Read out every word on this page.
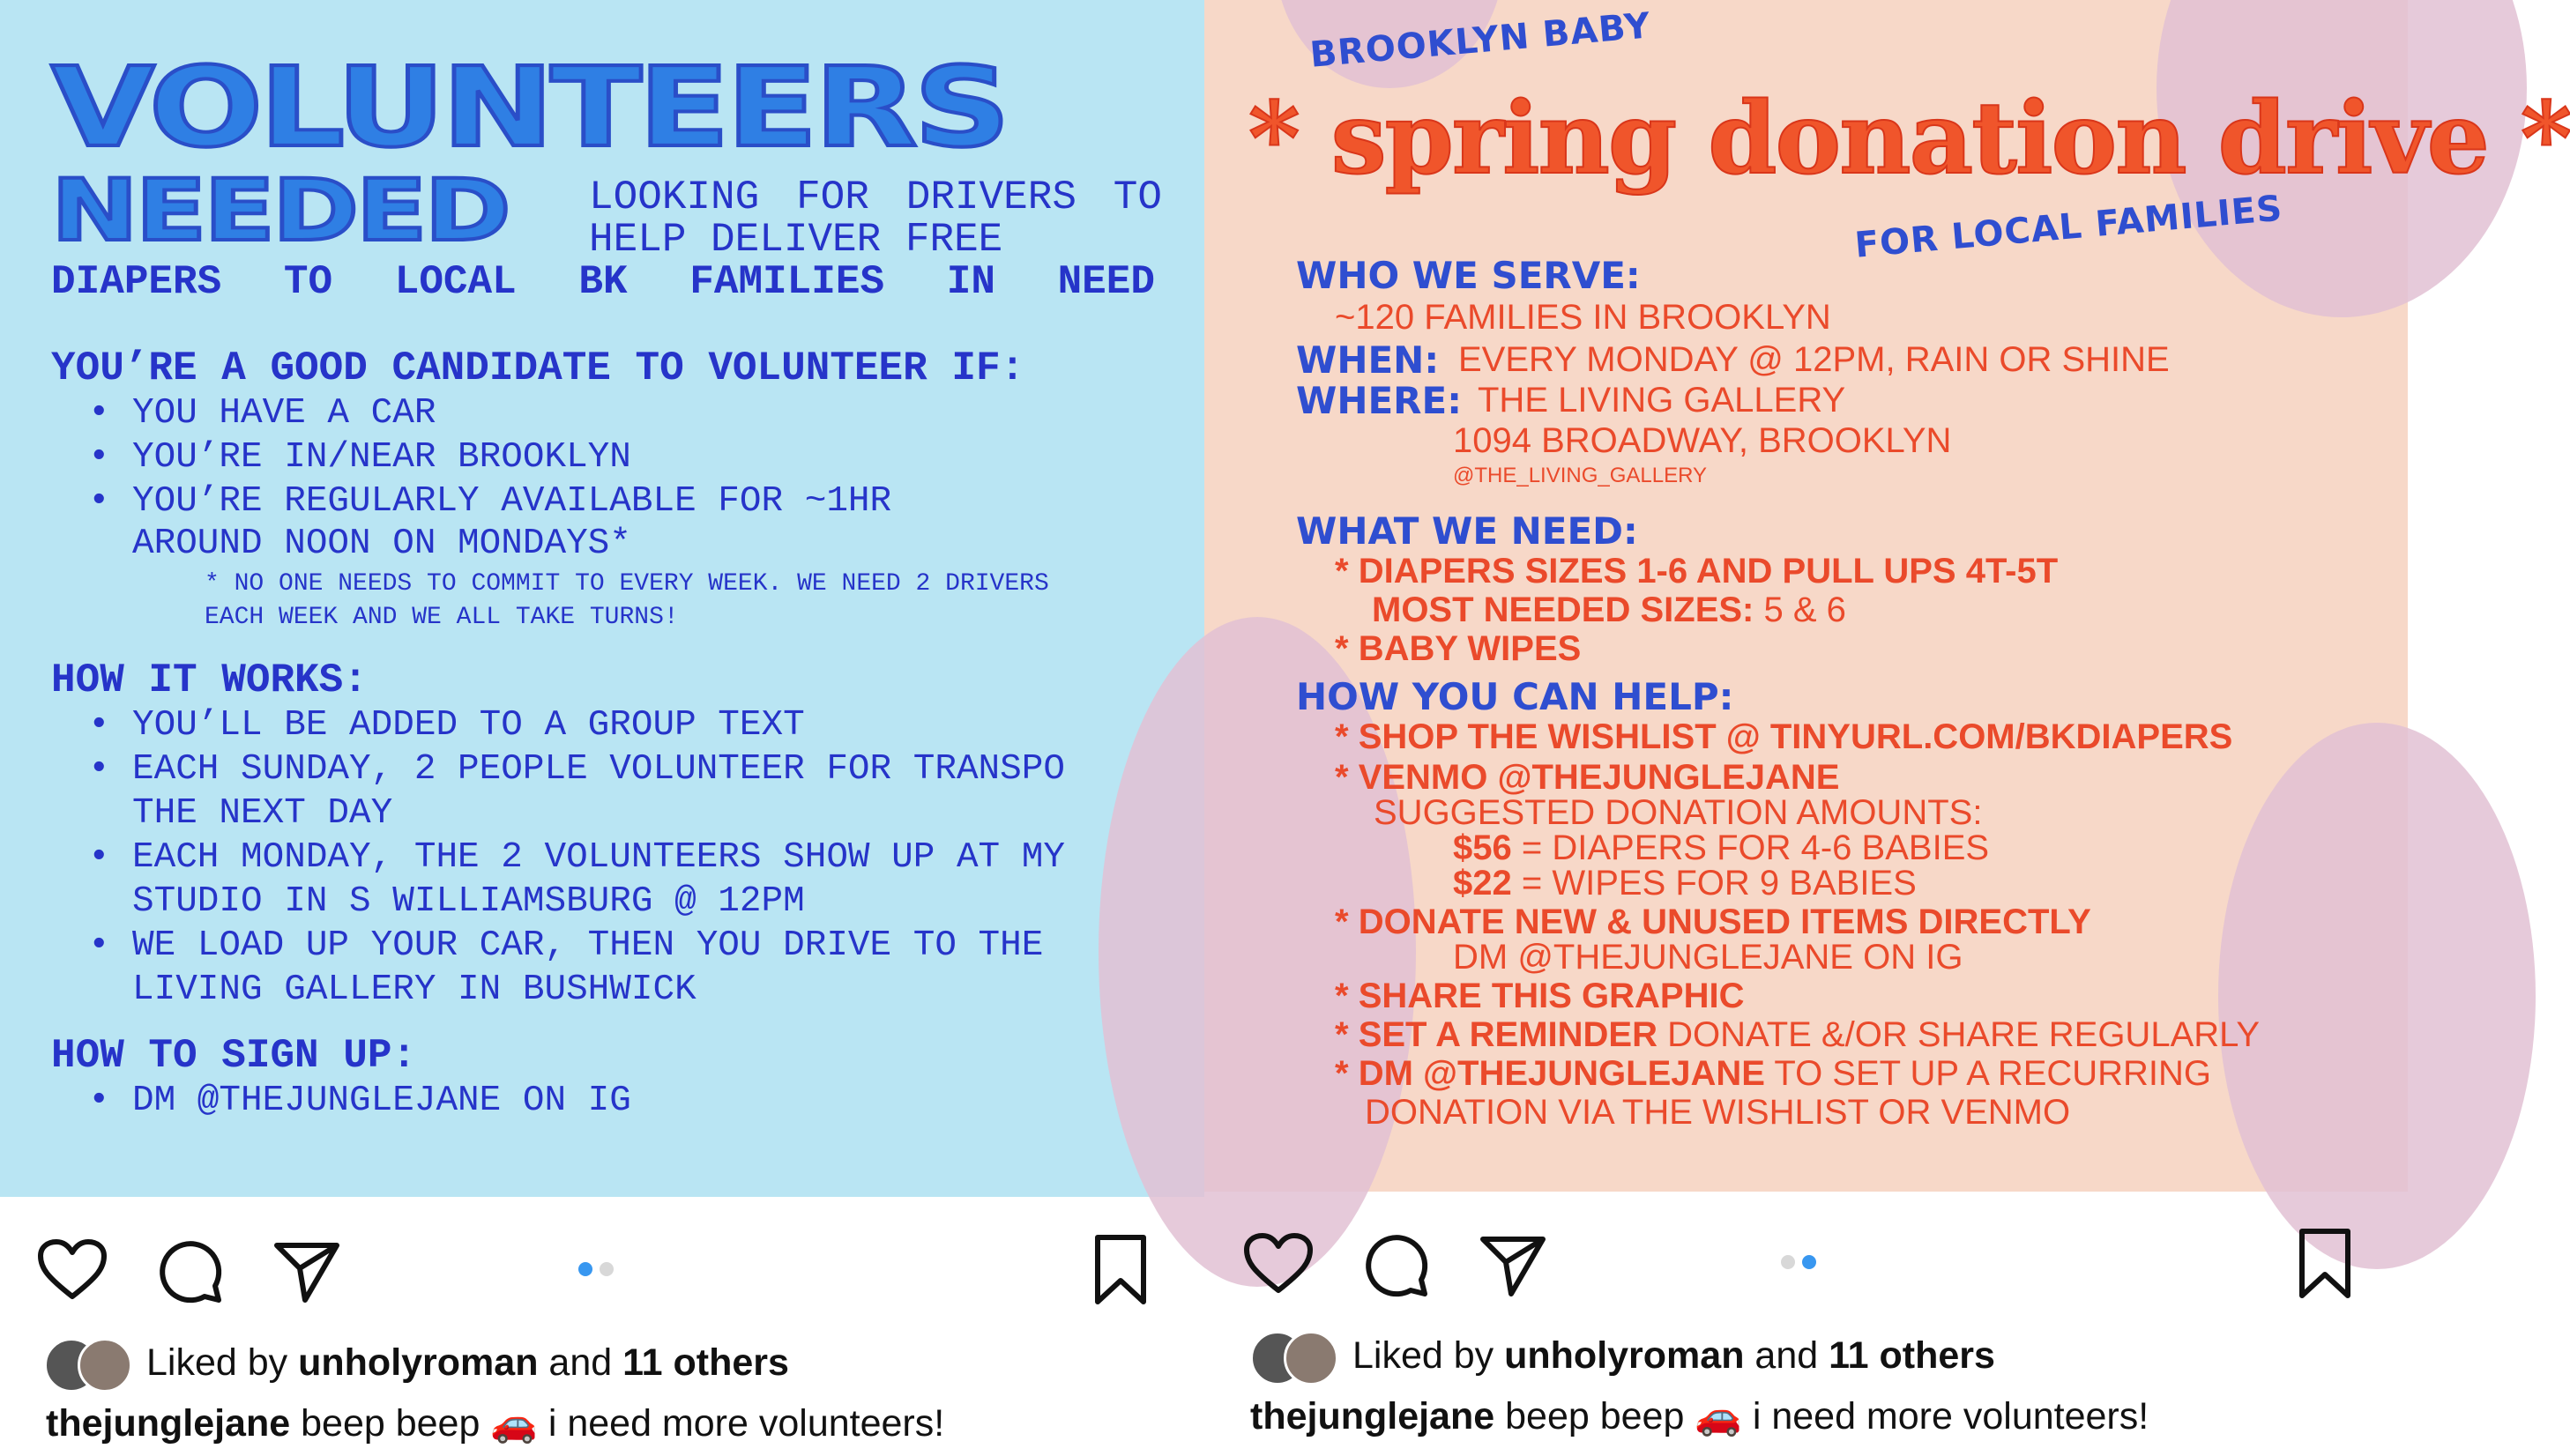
VOLUNTEERS
NEEDED LOOKING FOR DRIVERS TO HELP DELIVER FREE
DIAPERS TO LOCAL BK FAMILIES IN NEED
YOU’RE A GOOD CANDIDATE TO VOLUNTEER IF:
• YOU HAVE A CAR
• YOU’RE IN/NEAR BROOKLYN
• YOU’RE REGULARLY AVAILABLE FOR ~1HR
AROUND NOON ON MONDAYS*
* NO ONE NEEDS TO COMMIT TO EVERY WEEK. WE NEED 2 DRIVERS EACH WEEK AND WE ALL TAKE TURNS!
HOW IT WORKS:
• YOU’LL BE ADDED TO A GROUP TEXT
• EACH SUNDAY, 2 PEOPLE VOLUNTEER FOR TRANSPO THE NEXT DAY
• EACH MONDAY, THE 2 VOLUNTEERS SHOW UP AT MY STUDIO IN S WILLIAMSBURG @ 12PM
• WE LOAD UP YOUR CAR, THEN YOU DRIVE TO THE LIVING GALLERY IN BUSHWICK
HOW TO SIGN UP:
• DM @THEJUNGLEJANE ON IG
Liked by unholyroman and 11 others
thejunglejane beep beep 🚗 i need more volunteers!
BROOKLYN BABY
* spring donation drive *
FOR LOCAL FAMILIES
WHO WE SERVE:
~120 FAMILIES IN BROOKLYN
WHEN: EVERY MONDAY @ 12PM, RAIN OR SHINE
WHERE: THE LIVING GALLERY
1094 BROADWAY, BROOKLYN
@THE_LIVING_GALLERY
WHAT WE NEED:
* DIAPERS SIZES 1-6 AND PULL UPS 4T-5T
MOST NEEDED SIZES: 5 & 6
* BABY WIPES
HOW YOU CAN HELP:
* SHOP THE WISHLIST @ TINYURL.COM/BKDIAPERS
* VENMO @THEJUNGLEJANE
SUGGESTED DONATION AMOUNTS:
$56 = DIAPERS FOR 4-6 BABIES
$22 = WIPES FOR 9 BABIES
* DONATE NEW & UNUSED ITEMS DIRECTLY
DM @THEJUNGLEJANE ON IG
* SHARE THIS GRAPHIC
* SET A REMINDER DONATE &/OR SHARE REGULARLY
* DM @THEJUNGLEJANE TO SET UP A RECURRING
DONATION VIA THE WISHLIST OR VENMO
Liked by unholyroman and 11 others
thejunglejane beep beep 🚗 i need more volunteers!
